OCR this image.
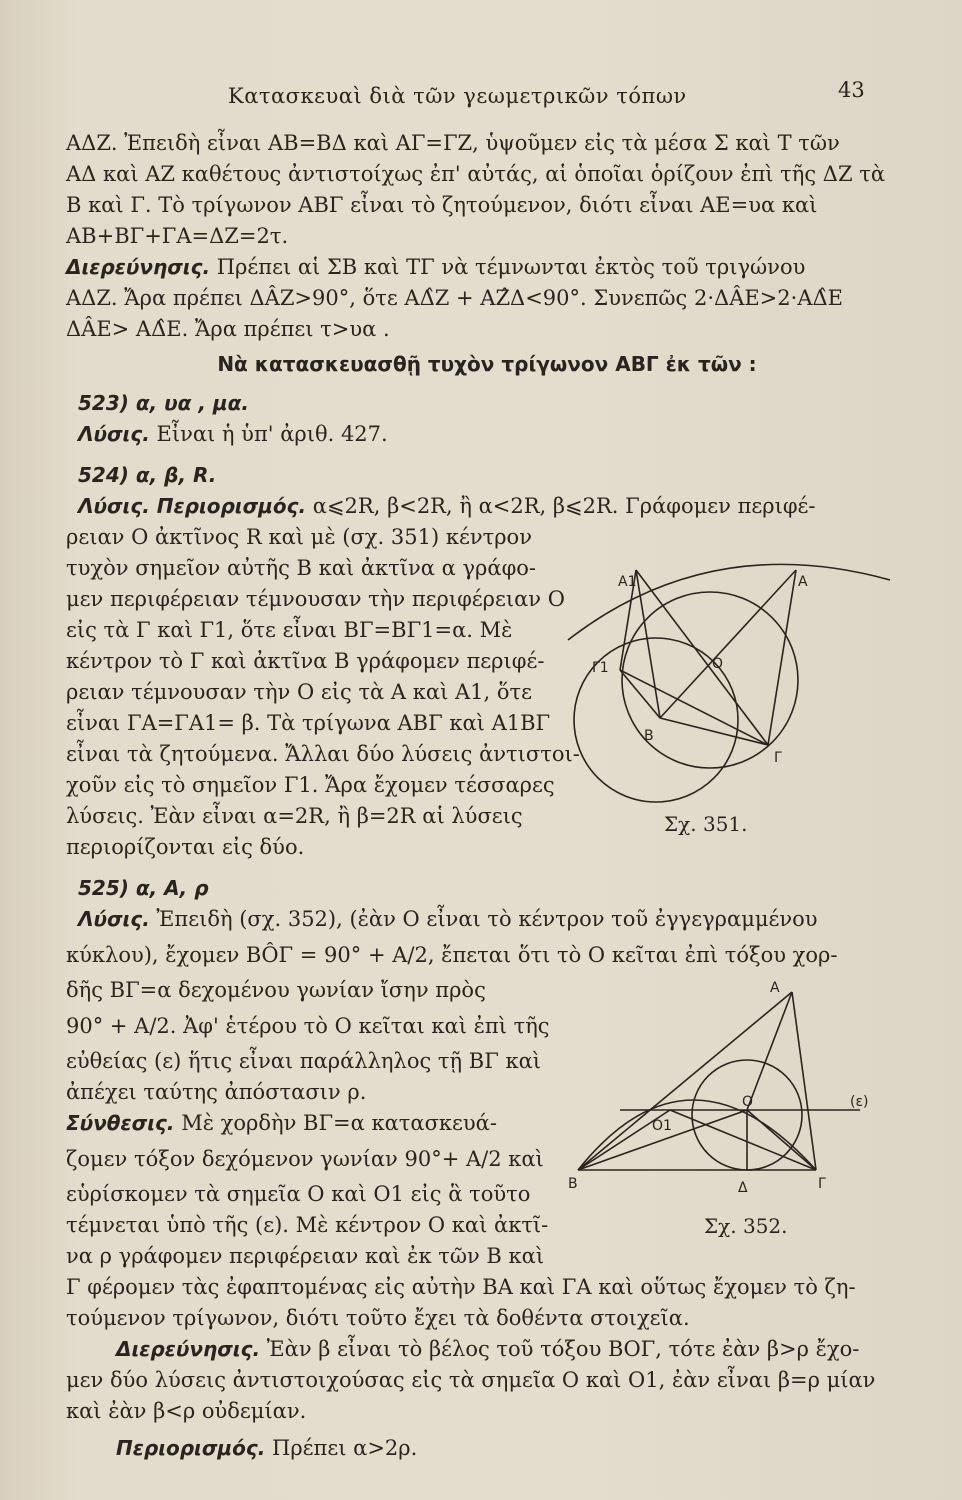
Κατασκευαὶ διὰ τῶν γεωμετρικῶν τόπων	43
ΑΔΖ. Ἐπειδὴ εἶναι ΑΒ=ΒΔ καὶ ΑΓ=ΓΖ, ὑψοῦμεν εἰς τὰ μέσα Σ καὶ Τ τῶν
ΑΔ καὶ ΑΖ καθέτους ἀντιστοίχως ἐπ' αὐτάς, αἱ ὁποῖαι ὁρίζουν ἐπὶ τῆς ΔΖ τὰ
Β καὶ Γ. Τὸ τρίγωνον ΑΒΓ εἶναι τὸ ζητούμενον, διότι εἶναι ΑΕ=υα καὶ
ΑΒ+ΒΓ+ΓΑ=ΔΖ=2τ.
Διερεύνησις. Πρέπει αἱ ΣΒ καὶ ΤΓ νὰ τέμνωνται ἐκτὸς τοῦ τριγώνου
ΑΔΖ. Ἄρα πρέπει ΔÂΖ>90°, ὅτε ΑΔ̂Ζ + ΑΖ̂Δ<90°. Συνεπῶς 2·ΔÂΕ>2·ΑΔ̂Ε
ΔÂΕ> ΑΔ̂Ε. Ἄρα πρέπει τ>υα .
Νὰ κατασκευασθῇ τυχὸν τρίγωνον ΑΒΓ ἐκ τῶν :
523) α, υα , μα.
Λύσις. Εἶναι ἡ ὑπ' ἀριθ. 427.
524) α, β, R.
Λύσις. Περιορισμός. α⩽2R, β<2R, ἢ α<2R, β⩽2R. Γράφομεν περιφέ-
ρειαν Ο ἀκτῖνος R καὶ μὲ (σχ. 351) κέντρον
τυχὸν σημεῖον αὐτῆς Β καὶ ἀκτῖνα α γράφο-
μεν περιφέρειαν τέμνουσαν τὴν περιφέρειαν Ο
εἰς τὰ Γ καὶ Γ1, ὅτε εἶναι ΒΓ=ΒΓ1=α. Μὲ
κέντρον τὸ Γ καὶ ἀκτῖνα Β γράφομεν περιφέ-
ρειαν τέμνουσαν τὴν Ο εἰς τὰ Α καὶ Α1, ὅτε
εἶναι ΓΑ=ΓΑ1= β. Τὰ τρίγωνα ΑΒΓ καὶ Α1ΒΓ
εἶναι τὰ ζητούμενα. Ἄλλαι δύο λύσεις ἀντιστοι-
χοῦν εἰς τὸ σημεῖον Γ1. Ἄρα ἔχομεν τέσσαρες
λύσεις. Ἐὰν εἶναι α=2R, ἢ β=2R αἱ λύσεις
περιορίζονται εἰς δύο.
525) α, Α, ρ
Λύσις. Ἐπειδὴ (σχ. 352), (ἐὰν Ο εἶναι τὸ κέντρον τοῦ ἐγγεγραμμένου
κύκλου), ἔχομεν ΒÔΓ = 90° + Α/2, ἔπεται ὅτι τὸ Ο κεῖται ἐπὶ τόξου χορ-
δῆς ΒΓ=α δεχομένου γωνίαν ἴσην πρὸς
90° + Α/2. Ἀφ' ἑτέρου τὸ Ο κεῖται καὶ ἐπὶ τῆς
εὐθείας (ε) ἥτις εἶναι παράλληλος τῇ ΒΓ καὶ
ἀπέχει ταύτης ἀπόστασιν ρ.
Σύνθεσις. Μὲ χορδὴν ΒΓ=α κατασκευά-
ζομεν τόξον δεχόμενον γωνίαν 90°+ Α/2 καὶ
εὑρίσκομεν τὰ σημεῖα Ο καὶ Ο1 εἰς ἃ τοῦτο
τέμνεται ὑπὸ τῆς (ε). Μὲ κέντρον Ο καὶ ἀκτῖ-
να ρ γράφομεν περιφέρειαν καὶ ἐκ τῶν Β καὶ
Γ φέρομεν τὰς ἐφαπτομένας εἰς αὐτὴν ΒΑ καὶ ΓΑ καὶ οὕτως ἔχομεν τὸ ζη-
τούμενον τρίγωνον, διότι τοῦτο ἔχει τὰ δοθέντα στοιχεῖα.
Διερεύνησις. Ἐὰν β εἶναι τὸ βέλος τοῦ τόξου ΒΟΓ, τότε ἐὰν β>ρ ἔχο-
μεν δύο λύσεις ἀντιστοιχούσας εἰς τὰ σημεῖα Ο καὶ Ο1, ἐὰν εἶναι β=ρ μίαν
καὶ ἐὰν β<ρ οὐδεμίαν.
Περιορισμός. Πρέπει α>2ρ.
Α1	Α
Γ1	Ο
Β
Γ
Σχ. 351.
Α
Ο
Ο1
(ε)
Β	Δ	Γ
Σχ. 352.
